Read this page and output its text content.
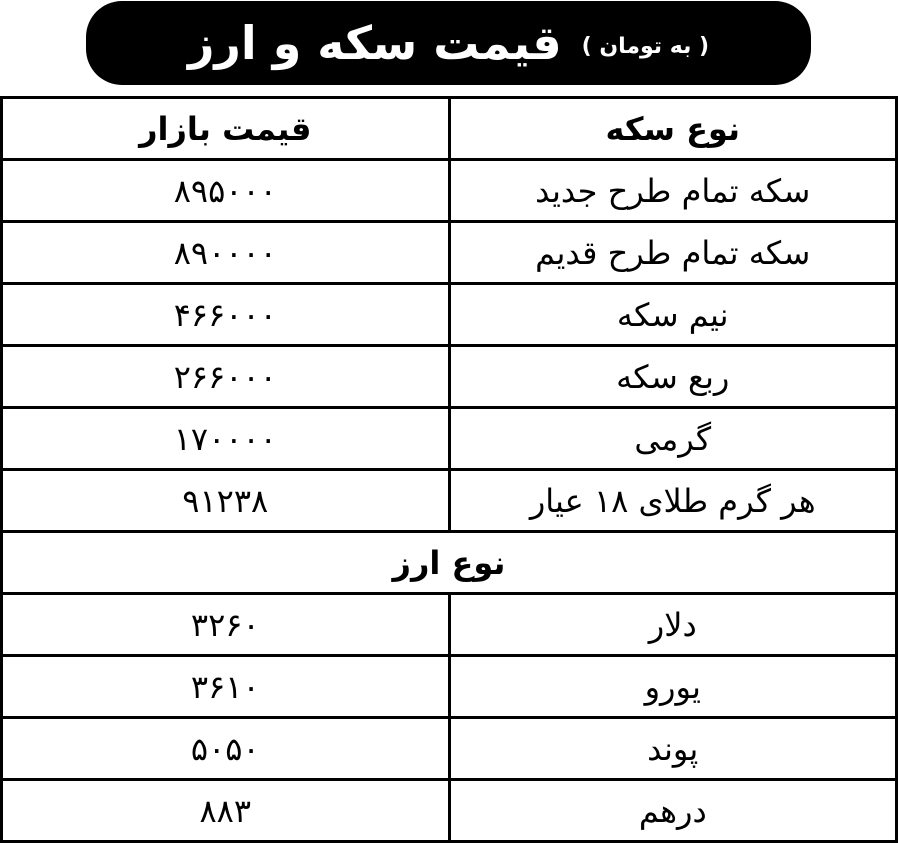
قیمت سکه و ارز ( به تومان )
نوع سکه	قیمت بازار
سکه تمام طرح جدید	۸۹۵۰۰۰
سکه تمام طرح قدیم	۸۹۰۰۰۰
نیم سکه	۴۶۶۰۰۰
ربع سکه	۲۶۶۰۰۰
گرمی	۱۷۰۰۰۰
هر گرم طلای ۱۸ عیار	۹۱۲۳۸
نوع ارز	
دلار	۳۲۶۰
یورو	۳۶۱۰
پوند	۵۰۵۰
درهم	۸۸۳
